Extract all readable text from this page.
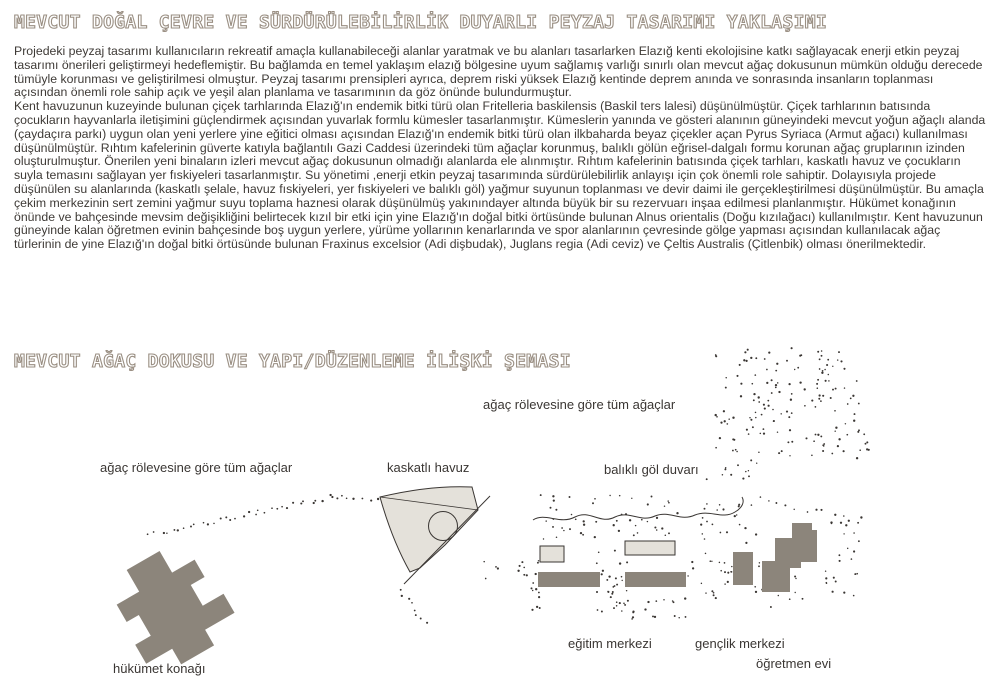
MEVCUT DOĞAL ÇEVRE VE SÜRDÜRÜLEBİLİRLİK DUYARLI PEYZAJ TASARIMI YAKLAŞIMI

Projedeki peyzaj tasarımı kullanıcıların rekreatif amaçla kullanabileceği alanlar yaratmak ve bu alanları tasarlarken Elazığ kenti ekolojisine katkı sağlayacak enerji etkin peyzaj tasarımı önerileri geliştirmeyi hedeflemiştir. Bu bağlamda en temel yaklaşım elazığ bölgesine uyum sağlamış varlığı sınırlı olan mevcut ağaç dokusunun mümkün olduğu derecede tümüyle korunması ve geliştirilmesi olmuştur. Peyzaj tasarımı prensipleri ayrıca, deprem riski yüksek Elazığ kentinde deprem anında ve sonrasında insanların toplanması açısından önemli role sahip açık ve yeşil alan planlama ve tasarımının da göz önünde bulundurmuştur.

Kent havuzunun kuzeyinde bulunan çiçek tarhlarında Elazığ'ın endemik bitki türü olan Fritelleria baskilensis (Baskil ters lalesi) düşünülmüştür. Çiçek tarhlarının batısında çocukların hayvanlarla iletişimini güçlendirmek açısından yuvarlak formlu kümesler tasarlanmıştır. Kümeslerin yanında ve gösteri alanının güneyindeki mevcut yoğun ağaçlı alanda (çaydaçıra parkı) uygun olan yeni yerlere yine eğitici olması açısından Elazığ'ın endemik bitki türü olan ilkbaharda beyaz çiçekler açan Pyrus Syriaca (Armut ağacı) kullanılması düşünülmüştür. Rıhtım kafelerinin güverte katıyla bağlantılı Gazi Caddesi üzerindeki tüm ağaçlar korunmuş, balıklı gölün eğrisel-dalgalı formu korunan ağaç gruplarının izinden oluşturulmuştur. Önerilen yeni binaların izleri mevcut ağaç dokusunun olmadığı alanlarda ele alınmıştır. Rıhtım kafelerinin batısında çiçek tarhları, kaskatlı havuz ve çocukların suyla temasını sağlayan yer fıskiyeleri tasarlanmıştır. Su yönetimi ,enerji etkin peyzaj tasarımında sürdürülebilirlik anlayışı için çok önemli role sahiptir. Dolayısıyla projede düşünülen su alanlarında (kaskatlı şelale, havuz fıskiyeleri, yer fıskiyeleri ve balıklı göl) yağmur suyunun toplanması ve devir daimi ile gerçekleştirilmesi düşünülmüştür. Bu amaçla çekim merkezinin sert zemini yağmur suyu toplama haznesi olarak düşünülmüş yakınındayer altında büyük bir su rezervuarı inşaa edilmesi planlanmıştır. Hükümet konağının önünde ve bahçesinde mevsim değişikliğini belirtecek kızıl bir etki için yine Elazığ'ın doğal bitki örtüsünde bulunan Alnus orientalis (Doğu kızılağacı) kullanılmıştır. Kent havuzunun güneyinde kalan öğretmen evinin bahçesinde boş uygun yerlere, yürüme yollarının kenarlarında ve spor alanlarının çevresinde gölge yapması açısından kullanılacak ağaç türlerinin de yine Elazığ'ın doğal bitki örtüsünde bulunan Fraxinus excelsior (Adi dişbudak), Juglans regia (Adi ceviz) ve Çeltis Australis (Çitlenbik) olması önerilmektedir.

MEVCUT AĞAÇ DOKUSU VE YAPI/DÜZENLEME İLİŞKİ ŞEMASI
ağaç rölevesine göre tüm ağaçlar
ağaç rölevesine göre tüm ağaçlar	kaskatlı havuz	balıklı göl duvarı
hükümet konağı
eğitim merkezi	gençlik merkezi
öğretmen evi
